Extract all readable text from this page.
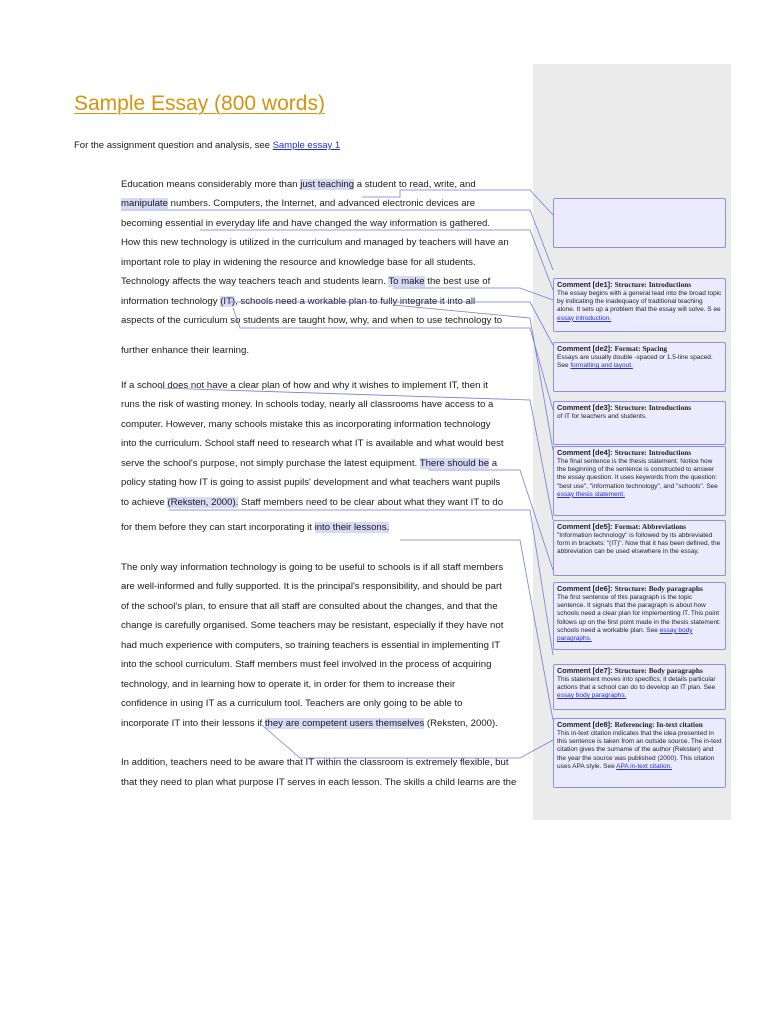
Sample Essay (800 words)
For the assignment question and analysis, see Sample essay 1
Education means considerably more than just teaching a student to read, write, and
manipulate numbers. Computers, the Internet, and advanced electronic devices are
becoming essential in everyday life and have changed the way information is gathered.
How this new technology is utilized in the curriculum and managed by teachers will have an
important role to play in widening the resource and knowledge base for all students.
Technology affects the way teachers teach and students learn. To make the best use of
information technology (IT), schools need a workable plan to fully integrate it into all
aspects of the curriculum so students are taught how, why, and when to use technology to
further enhance their learning.
If a school does not have a clear plan of how and why it wishes to implement IT, then it
runs the risk of wasting money. In schools today, nearly all classrooms have access to a
computer. However, many schools mistake this as incorporating information technology
into the curriculum. School staff need to research what IT is available and what would best
serve the school's purpose, not simply purchase the latest equipment. There should be a
policy stating how IT is going to assist pupils' development and what teachers want pupils
to achieve (Reksten, 2000). Staff members need to be clear about what they want IT to do
for them before they can start incorporating it into their lessons.
The only way information technology is going to be useful to schools is if all staff members
are well-informed and fully supported. It is the principal's responsibility, and should be part
of the school's plan, to ensure that all staff are consulted about the changes, and that the
change is carefully organised. Some teachers may be resistant, especially if they have not
had much experience with computers, so training teachers is essential in implementing IT
into the school curriculum. Staff members must feel involved in the process of acquiring
technology, and in learning how to operate it, in order for them to increase their
confidence in using IT as a curriculum tool. Teachers are only going to be able to
incorporate IT into their lessons if they are competent users themselves (Reksten, 2000).
In addition, teachers need to be aware that IT within the classroom is extremely flexible, but
that they need to plan what purpose IT serves in each lesson. The skills a child learns are the
Comment [de1]: Structure: Introductions
The essay begins with a general lead into the broad topic by indicating the inadequacy of traditional teaching alone. It sets up a problem that the essay will solve. S ee essay introduction.
Comment [de2]: Format: Spacing
Essays are usually double -spaced or 1.5-line spaced. See formatting and layout.
Comment [de3]: Structure: Introductions
of IT for teachers and students.
Comment [de4]: Structure: Introductions
The final sentence is the thesis statement. Notice how the beginning of the sentence is constructed to answer the essay question. It uses keywords from the question: "best use", "information technology", and "schools". See essay thesis statement.
Comment [de5]: Format: Abbreviations
"Information technology" is followed by its abbreviated form in brackets: "(IT)". Now that it has been defined, the abbreviation can be used elsewhere in the essay.
Comment [de6]: Structure: Body paragraphs
The first sentence of this paragraph is the topic sentence. It signals that the paragraph is about how schools need a clear plan for implementing IT. This point follows up on the first point made in the thesis statement: schools need a workable plan. See essay body paragraphs.
Comment [de7]: Structure: Body paragraphs
This statement moves into specifics; it details particular actions that a school can do to develop an IT plan. See essay body paragraphs.
Comment [de8]: Referencing: In-text citation
This in-text citation indicates that the idea presented in this sentence is taken from an outside source. The in-text citation gives the surname of the author (Reksten) and the year the source was published (2000). This citation uses APA style. See APA in-text citation.
